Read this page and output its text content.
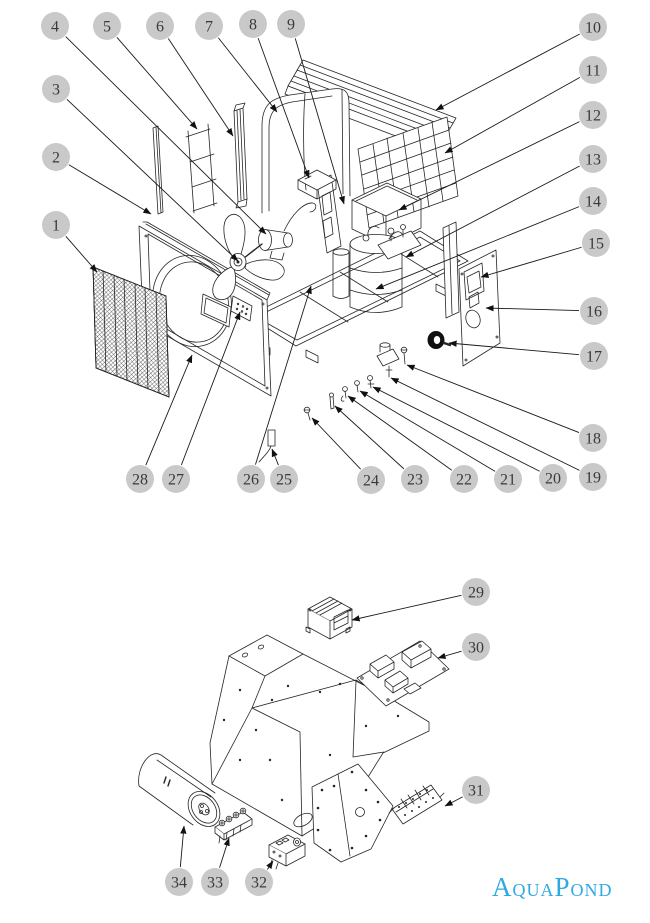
1
2
3
4	5	6	7 8 9	10
11
12
13
14
15
16
17
18
19
20
21
22
23
24
25
26
27
28
29
30
31
32
33
34	AQUAPOND
